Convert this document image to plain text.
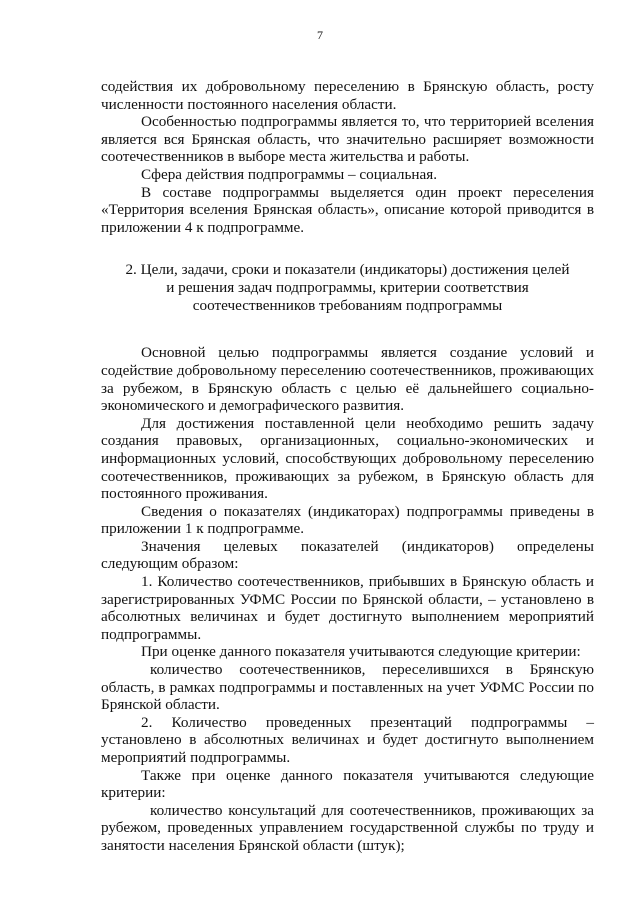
7

содействия их добровольному переселению в Брянскую область, росту численности постоянного населения области.

Особенностью подпрограммы является то, что территорией вселения является вся Брянская область, что значительно расширяет возможности соотечественников в выборе места жительства и работы.

Сфера действия подпрограммы – социальная.

В составе подпрограммы выделяется один проект переселения «Территория вселения Брянская область», описание которой приводится в приложении 4 к подпрограмме.

2. Цели, задачи, сроки и показатели (индикаторы) достижения целей
и решения задач подпрограммы, критерии соответствия
соотечественников требованиям подпрограммы

Основной целью подпрограммы является создание условий и содействие добровольному переселению соотечественников, проживающих за рубежом, в Брянскую область с целью её дальнейшего социально-экономического и демографического развития.

Для достижения поставленной цели необходимо решить задачу создания правовых, организационных, социально-экономических и информационных условий, способствующих добровольному переселению соотечественников, проживающих за рубежом, в Брянскую область для постоянного проживания.

Сведения о показателях (индикаторах) подпрограммы приведены в приложении 1 к подпрограмме.

Значения целевых показателей (индикаторов) определены следующим образом:

1. Количество соотечественников, прибывших в Брянскую область и зарегистрированных УФМС России по Брянской области, – установлено в абсолютных величинах и будет достигнуто выполнением мероприятий подпрограммы.

При оценке данного показателя учитываются следующие критерии:

количество соотечественников, переселившихся в Брянскую область, в рамках подпрограммы и поставленных на учет УФМС России по Брянской области.

2. Количество проведенных презентаций подпрограммы – установлено в абсолютных величинах и будет достигнуто выполнением мероприятий подпрограммы.

Также при оценке данного показателя учитываются следующие критерии:

количество консультаций для соотечественников, проживающих за рубежом, проведенных управлением государственной службы по труду и занятости населения Брянской области (штук);
